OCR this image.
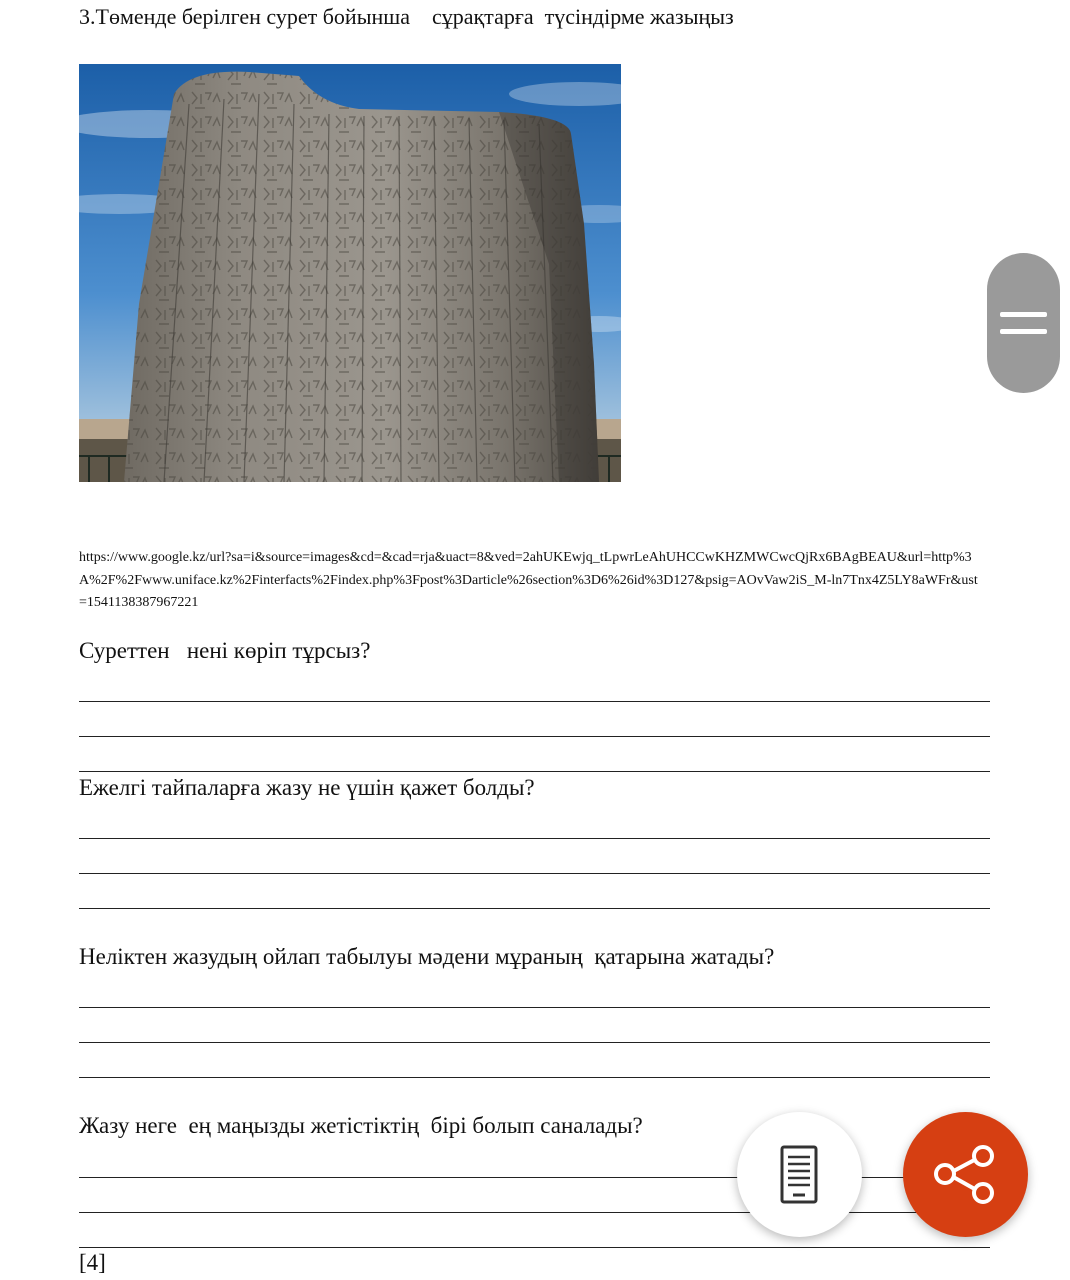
3.Төменде берілген сурет бойынша    сұрақтарға  түсіндірме жазыңыз
https://www.google.kz/url?sa=i&source=images&cd=&cad=rja&uact=8&ved=2ahUKEwjq_tLpwrLeAhUHCCwKHZMWCwcQjRx6BAgBEAU&url=http%3A%2F%2Fwww.uniface.kz%2Finterfacts%2Findex.php%3Fpost%3Darticle%26section%3D6%26id%3D127&psig=AOvVaw2iS_M-ln7Tnx4Z5LY8aWFr&ust=1541138387967221
Суреттен   нені көріп тұрсыз?
Ежелгі тайпаларға жазу не үшін қажет болды?
Неліктен жазудың ойлап табылуы мәдени мұраның  қатарына жатады?
Жазу неге  ең маңызды жетістіктің  бірі болып саналады?
[4]
